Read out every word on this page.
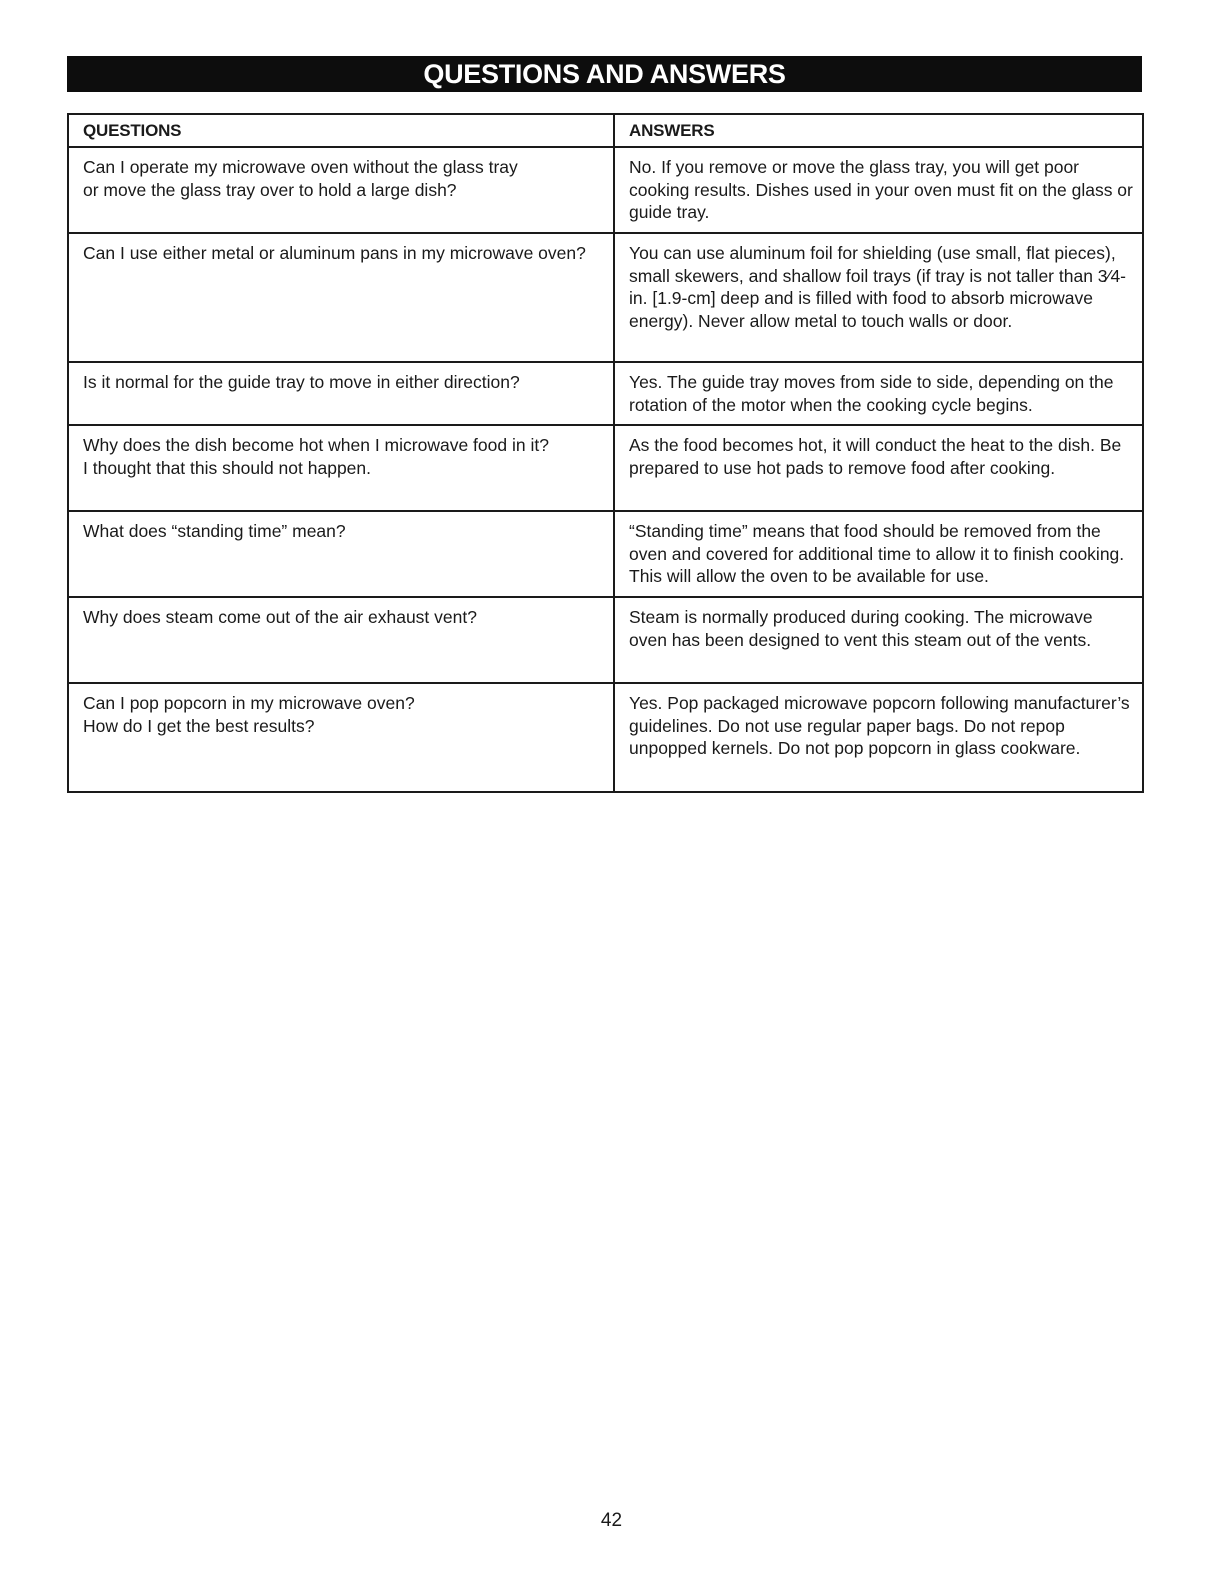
QUESTIONS AND ANSWERS
QUESTIONS	ANSWERS
Can I operate my microwave oven without the glass tray
or move the glass tray over to hold a large dish?	No. If you remove or move the glass tray, you will get poor cooking results. Dishes used in your oven must fit on the glass or guide tray.
Can I use either metal or aluminum pans in my microwave oven?	You can use aluminum foil for shielding (use small, flat pieces), small skewers, and shallow foil trays (if tray is not taller than 3⁄4-in. [1.9-cm] deep and is filled with food to absorb microwave energy). Never allow metal to touch walls or door.
Is it normal for the guide tray to move in either direction?	Yes. The guide tray moves from side to side, depending on the rotation of the motor when the cooking cycle begins.
Why does the dish become hot when I microwave food in it?
I thought that this should not happen.	As the food becomes hot, it will conduct the heat to the dish. Be prepared to use hot pads to remove food after cooking.
What does “standing time” mean?	“Standing time” means that food should be removed from the oven and covered for additional time to allow it to finish cooking. This will allow the oven to be available for use.
Why does steam come out of the air exhaust vent?	Steam is normally produced during cooking. The microwave oven has been designed to vent this steam out of the vents.
Can I pop popcorn in my microwave oven?
How do I get the best results?	Yes. Pop packaged microwave popcorn following manufacturer’s guidelines. Do not use regular paper bags. Do not repop unpopped kernels. Do not pop popcorn in glass cookware.
42
